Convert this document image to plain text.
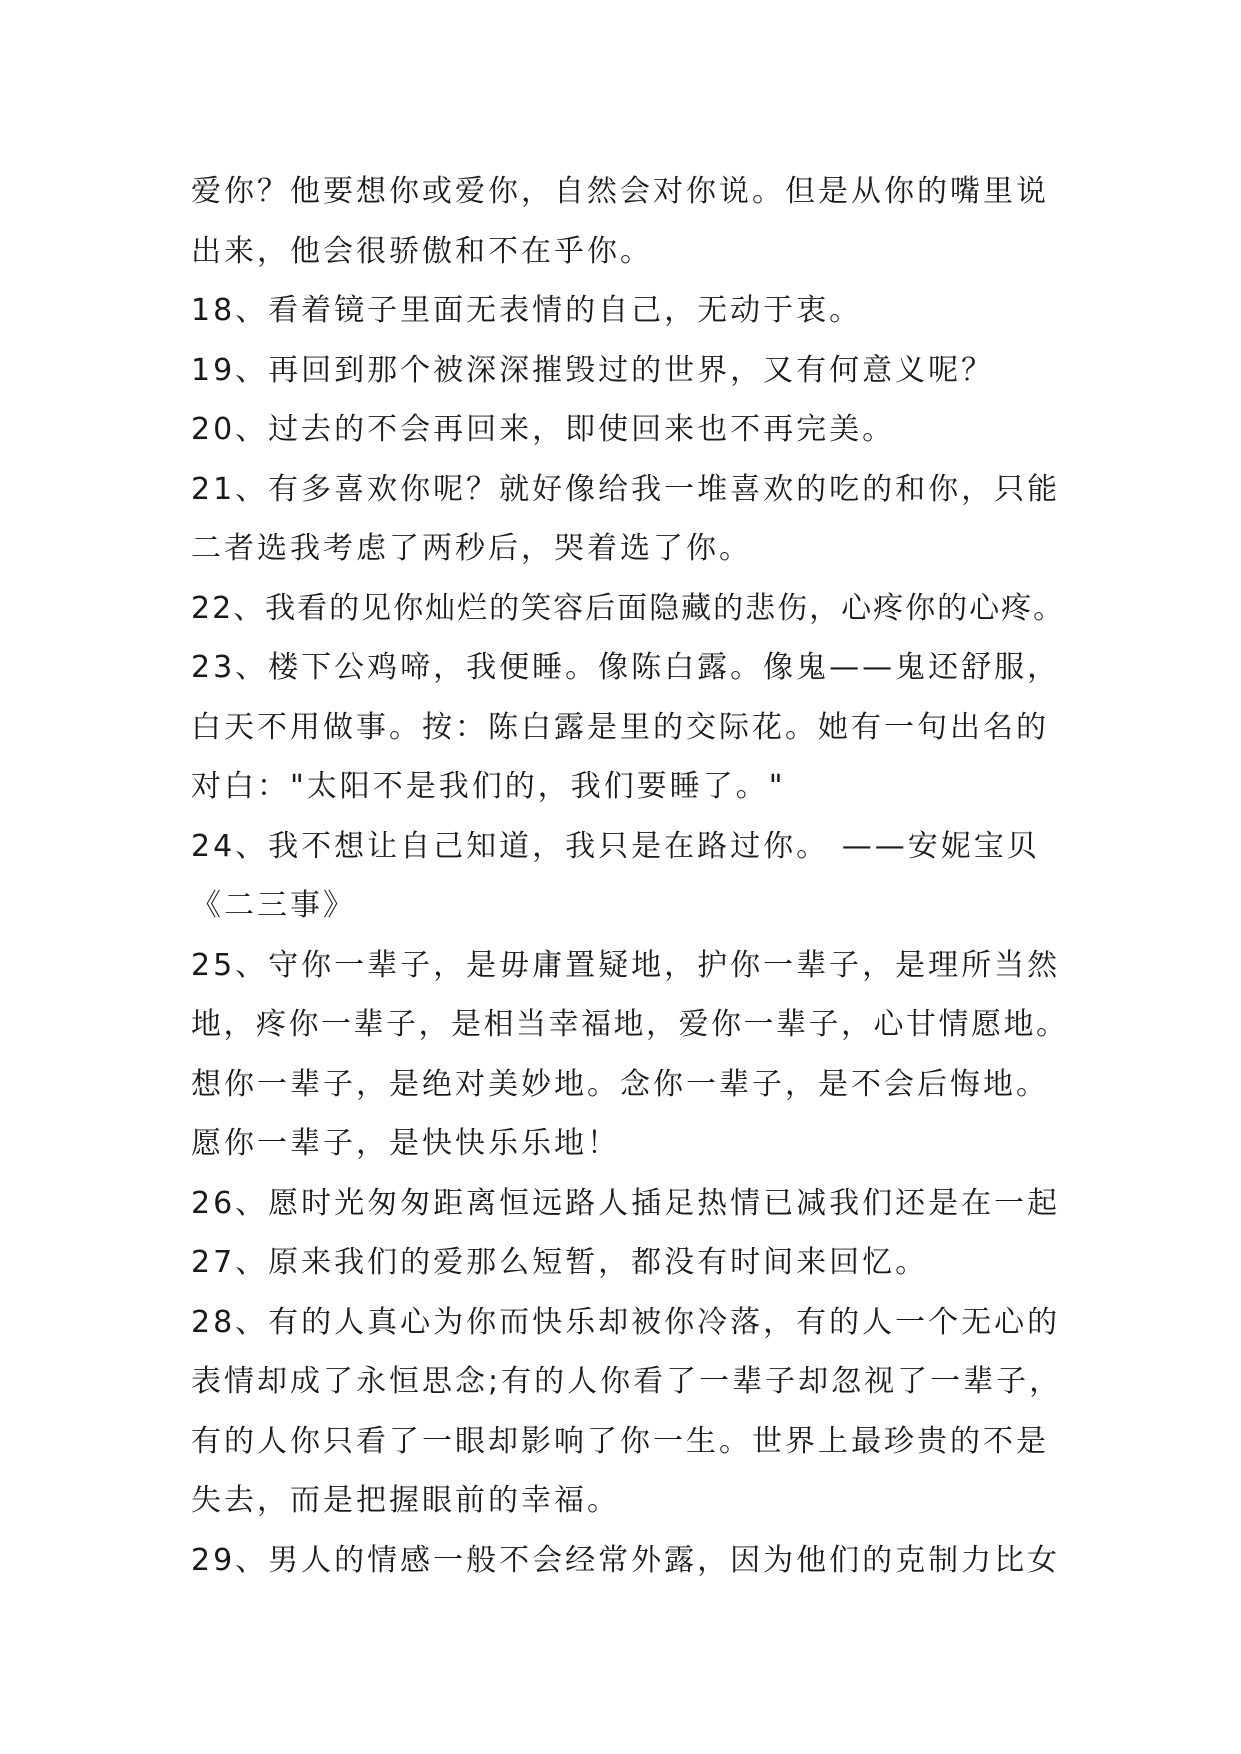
爱你？他要想你或爱你，自然会对你说。但是从你的嘴里说
出来，他会很骄傲和不在乎你。
18、看着镜子里面无表情的自己，无动于衷。
19、再回到那个被深深摧毁过的世界，又有何意义呢？
20、过去的不会再回来，即使回来也不再完美。
21、有多喜欢你呢？就好像给我一堆喜欢的吃的和你，只能
二者选我考虑了两秒后，哭着选了你。
22、我看的见你灿烂的笑容后面隐藏的悲伤，心疼你的心疼。
23、楼下公鸡啼，我便睡。像陈白露。像鬼——鬼还舒服，
白天不用做事。按：陈白露是里的交际花。她有一句出名的
对白："太阳不是我们的，我们要睡了。"
24、我不想让自己知道，我只是在路过你。 ——安妮宝贝
《二三事》
25、守你一辈子，是毋庸置疑地，护你一辈子，是理所当然
地，疼你一辈子，是相当幸福地，爱你一辈子，心甘情愿地。
想你一辈子，是绝对美妙地。念你一辈子，是不会后悔地。
愿你一辈子，是快快乐乐地！
26、愿时光匆匆距离恒远路人插足热情已减我们还是在一起
27、原来我们的爱那么短暂，都没有时间来回忆。
28、有的人真心为你而快乐却被你冷落，有的人一个无心的
表情却成了永恒思念;有的人你看了一辈子却忽视了一辈子，
有的人你只看了一眼却影响了你一生。世界上最珍贵的不是
失去，而是把握眼前的幸福。
29、男人的情感一般不会经常外露，因为他们的克制力比女
